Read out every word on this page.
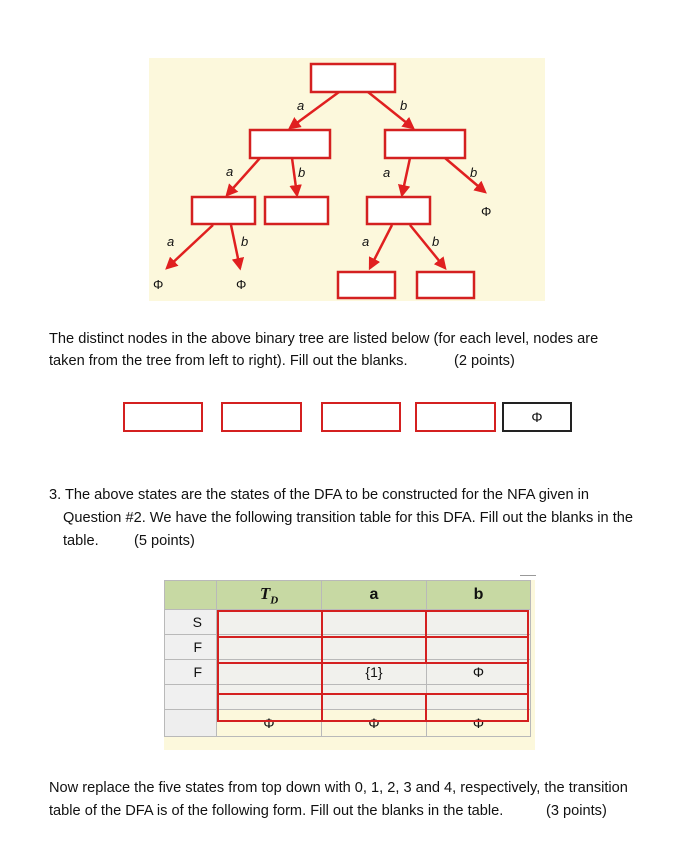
a	b
a	b	a	b
a	b	a	b
Φ
Φ	Φ

The distinct nodes in the above binary tree are listed below (for each level, nodes are

taken from the tree from left to right). Fill out the blanks.	(2 points)

Φ

3. The above states are the states of the DFA to be constructed for the NFA given in

Question #2. We have the following transition table for this DFA. Fill out the blanks in the

table. (5 points)

	$T_D$	a	b
S			
F			
F		{1}	Φ

	Φ	Φ	Φ

Now replace the five states from top down with 0, 1, 2, 3 and 4, respectively, the transition

table of the DFA is of the following form. Fill out the blanks in the table.	(3 points)
